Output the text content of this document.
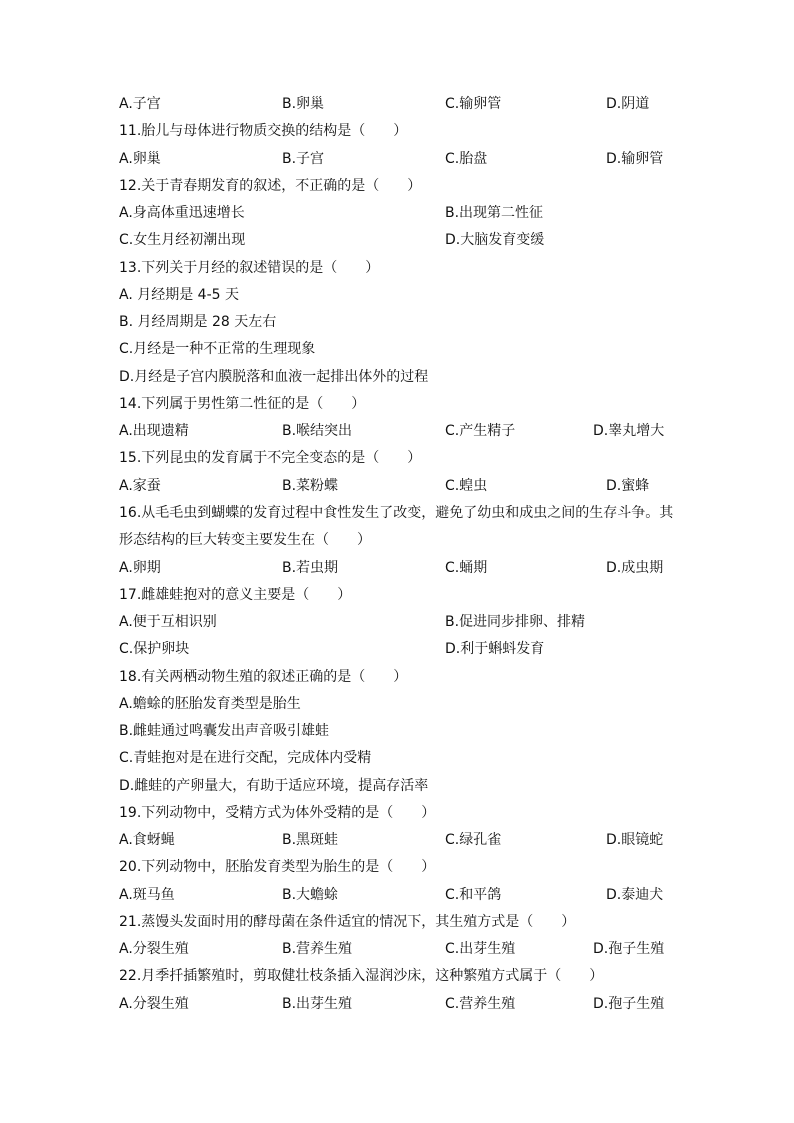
A.子宫	B.卵巢	C.输卵管	D.阴道
11.胎儿与母体进行物质交换的结构是（　　）
A.卵巢	B.子宫	C.胎盘	D.输卵管
12.关于青春期发育的叙述，不正确的是（　　）
A.身高体重迅速增长	B.出现第二性征
C.女生月经初潮出现	D.大脑发育变缓
13.下列关于月经的叙述错误的是（　　）
A. 月经期是 4-5 天
B. 月经周期是 28 天左右
C.月经是一种不正常的生理现象
D.月经是子宫内膜脱落和血液一起排出体外的过程
14.下列属于男性第二性征的是（　　）
A.出现遗精	B.喉结突出	C.产生精子	D.睾丸增大
15.下列昆虫的发育属于不完全变态的是（　　）
A.家蚕	B.菜粉蝶	C.蝗虫	D.蜜蜂
16.从毛毛虫到蝴蝶的发育过程中食性发生了改变，避免了幼虫和成虫之间的生存斗争。其
形态结构的巨大转变主要发生在（　　）
A.卵期	B.若虫期	C.蛹期	D.成虫期
17.雌雄蛙抱对的意义主要是（　　）
A.便于互相识别	B.促进同步排卵、排精
C.保护卵块	D.利于蝌蚪发育
18.有关两栖动物生殖的叙述正确的是（　　）
A.蟾蜍的胚胎发育类型是胎生
B.雌蛙通过鸣囊发出声音吸引雄蛙
C.青蛙抱对是在进行交配，完成体内受精
D.雌蛙的产卵量大，有助于适应环境，提高存活率
19.下列动物中，受精方式为体外受精的是（　　）
A.食蚜蝇	B.黑斑蛙	C.绿孔雀	D.眼镜蛇
20.下列动物中，胚胎发育类型为胎生的是（　　）
A.斑马鱼	B.大蟾蜍	C.和平鸽	D.泰迪犬
21.蒸馒头发面时用的酵母菌在条件适宜的情况下，其生殖方式是（　　）
A.分裂生殖	B.营养生殖	C.出芽生殖	D.孢子生殖
22.月季扦插繁殖时，剪取健壮枝条插入湿润沙床，这种繁殖方式属于（　　）
A.分裂生殖	B.出芽生殖	C.营养生殖	D.孢子生殖
